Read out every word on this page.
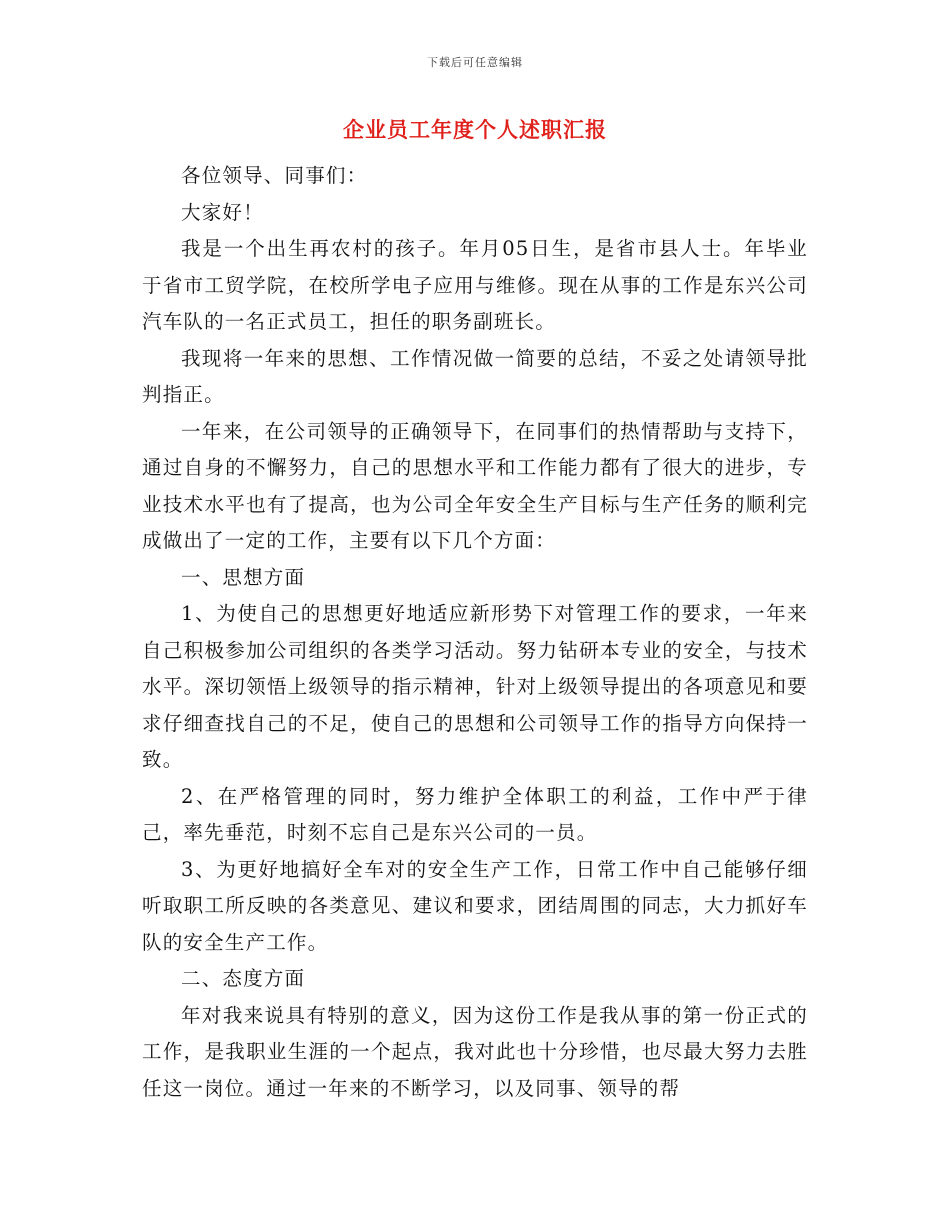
下载后可任意编辑
企业员工年度个人述职汇报

各位领导、同事们：

大家好！

我是一个出生再农村的孩子。年月05日生，是省市县人士。年毕业于省市工贸学院，在校所学电子应用与维修。现在从事的工作是东兴公司汽车队的一名正式员工，担任的职务副班长。

我现将一年来的思想、工作情况做一简要的总结，不妥之处请领导批判指正。

一年来，在公司领导的正确领导下，在同事们的热情帮助与支持下，通过自身的不懈努力，自己的思想水平和工作能力都有了很大的进步，专业技术水平也有了提高，也为公司全年安全生产目标与生产任务的顺利完成做出了一定的工作，主要有以下几个方面：

一、思想方面

1、为使自己的思想更好地适应新形势下对管理工作的要求，一年来自己积极参加公司组织的各类学习活动。努力钻研本专业的安全，与技术水平。深切领悟上级领导的指示精神，针对上级领导提出的各项意见和要求仔细查找自己的不足，使自己的思想和公司领导工作的指导方向保持一致。

2、在严格管理的同时，努力维护全体职工的利益，工作中严于律己，率先垂范，时刻不忘自己是东兴公司的一员。

3、为更好地搞好全车对的安全生产工作，日常工作中自己能够仔细听取职工所反映的各类意见、建议和要求，团结周围的同志，大力抓好车队的安全生产工作。

二、态度方面

年对我来说具有特别的意义，因为这份工作是我从事的第一份正式的工作，是我职业生涯的一个起点，我对此也十分珍惜，也尽最大努力去胜任这一岗位。通过一年来的不断学习，以及同事、领导的帮
